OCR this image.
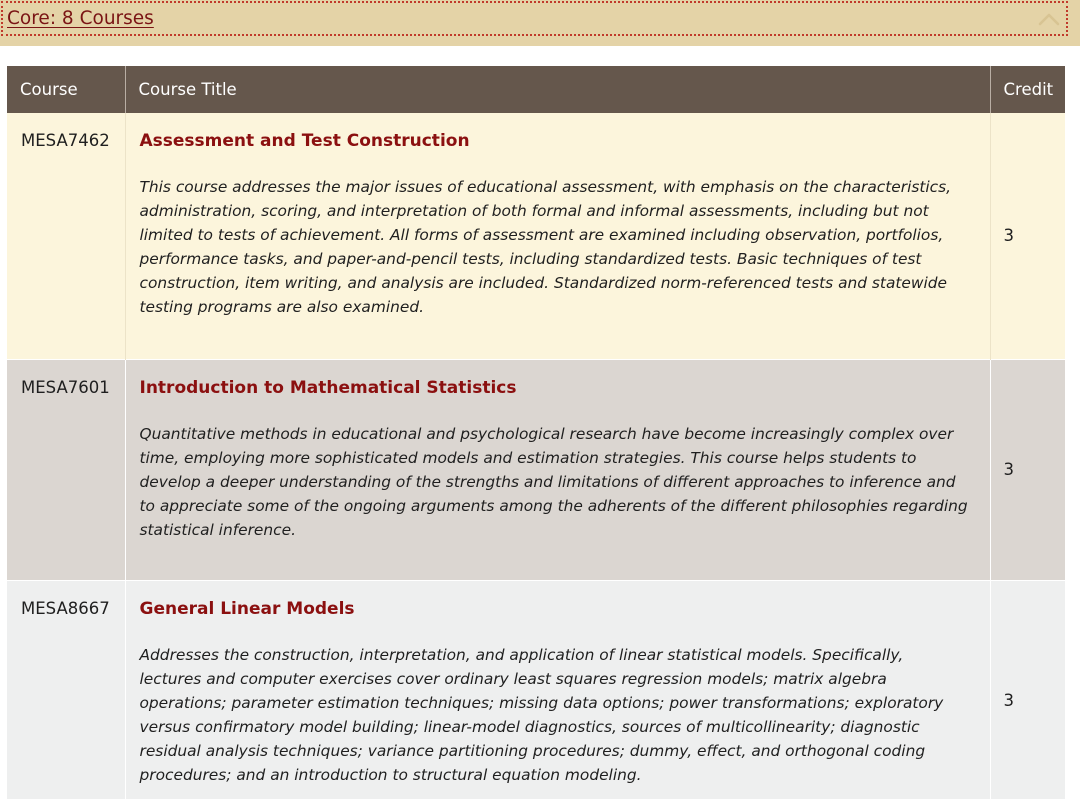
Core: 8 Courses
Course	Course Title	Credit
MESA7462	Assessment and Test Construction
This course addresses the major issues of educational assessment, with emphasis on the characteristics, administration, scoring, and interpretation of both formal and informal assessments, including but not limited to tests of achievement. All forms of assessment are examined including observation, portfolios, performance tasks, and paper-and-pencil tests, including standardized tests. Basic techniques of test construction, item writing, and analysis are included. Standardized norm-referenced tests and statewide testing programs are also examined.	3
MESA7601	Introduction to Mathematical Statistics
Quantitative methods in educational and psychological research have become increasingly complex over time, employing more sophisticated models and estimation strategies. This course helps students to develop a deeper understanding of the strengths and limitations of different approaches to inference and to appreciate some of the ongoing arguments among the adherents of the different philosophies regarding statistical inference.	3
MESA8667	General Linear Models
Addresses the construction, interpretation, and application of linear statistical models. Specifically, lectures and computer exercises cover ordinary least squares regression models; matrix algebra operations; parameter estimation techniques; missing data options; power transformations; exploratory versus confirmatory model building; linear-model diagnostics, sources of multicollinearity; diagnostic residual analysis techniques; variance partitioning procedures; dummy, effect, and orthogonal coding procedures; and an introduction to structural equation modeling.	3
